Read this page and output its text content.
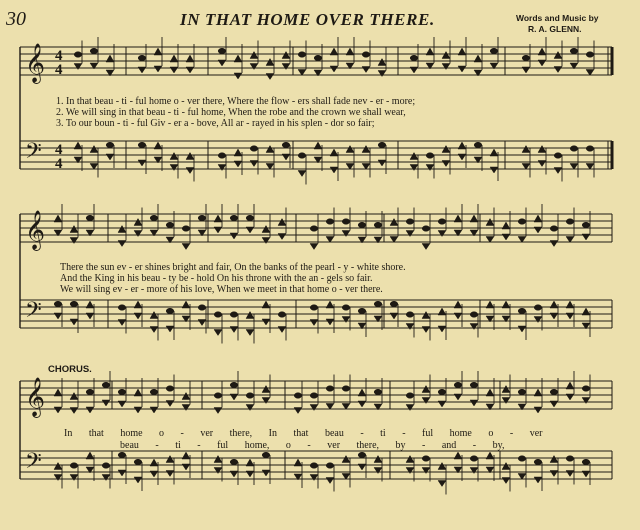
30	IN THAT HOME OVER THERE.	Words and Music by
R. A. GLENN.
𝄞
𝄢
4
4
4
4
𝄞
𝄢
𝄞
𝄢
1. In that beau - ti - ful home o - ver there, Where the flow - ers shall fade nev - er - more;
2. We will sing in that beau - ti - ful home, When the robe and the crown we shall wear,
3. To our boun - ti - ful Giv - er a - bove, All ar - rayed in his splen - dor so fair;
There the sun ev - er shines bright and fair, On the banks of the pearl - y - white shore.
And the King in his beau - ty be - hold On his throne with the an - gels so fair.
We will sing ev - er - more of his love, When we meet in that home o - ver there.
CHORUS.
In that home o - ver there, In that beau - ti - ful home o - ver
beau - ti - ful home, o - ver there, by - and - by,
